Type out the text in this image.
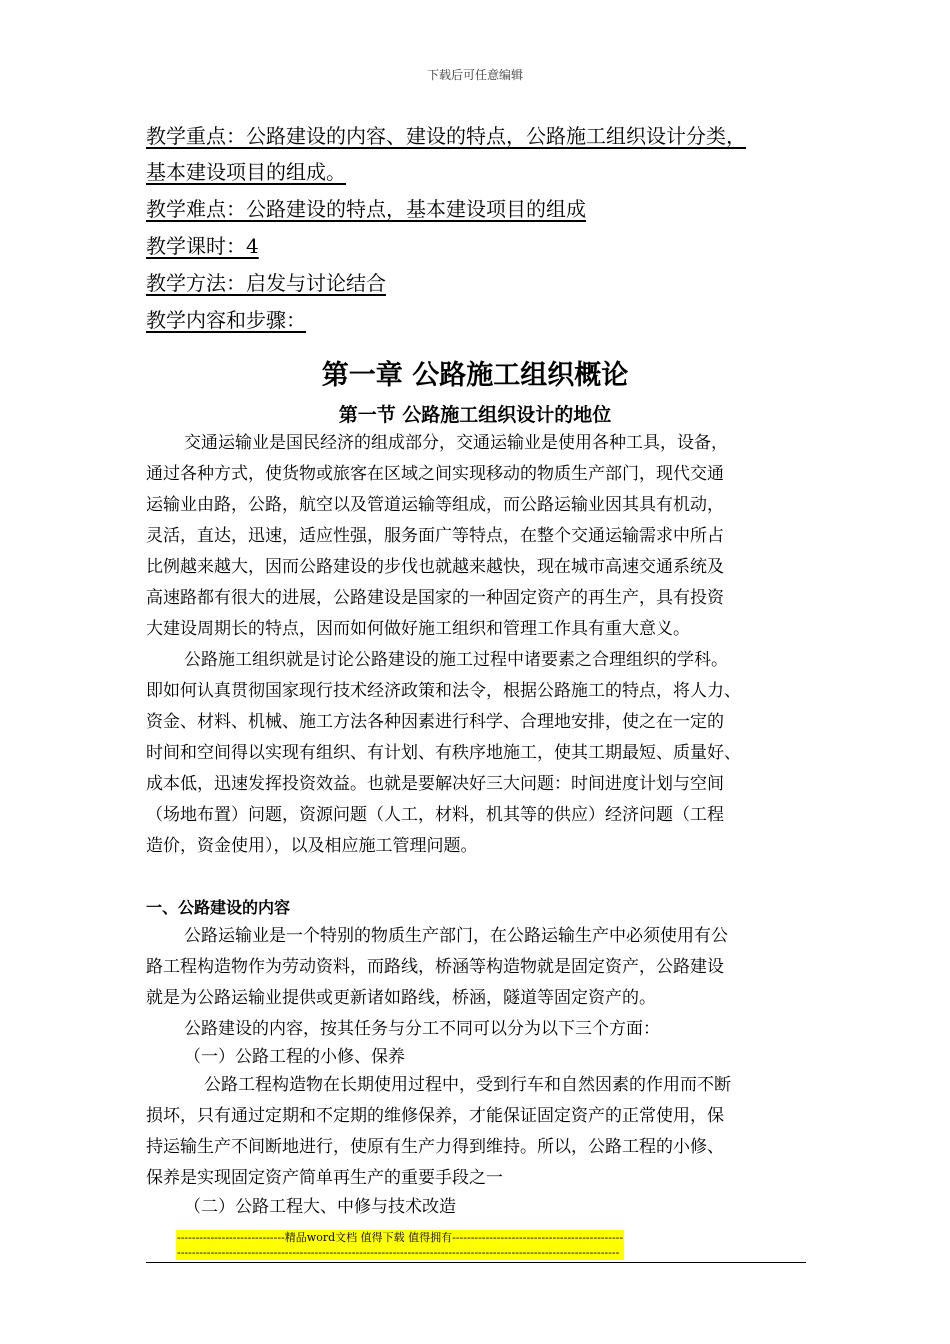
下载后可任意编辑
教学重点：公路建设的内容、建设的特点，公路施工组织设计分类，
基本建设项目的组成。
教学难点：公路建设的特点，基本建设项目的组成
教学课时：4
教学方法：启发与讨论结合
教学内容和步骤：
第一章 公路施工组织概论
第一节 公路施工组织设计的地位
交通运输业是国民经济的组成部分，交通运输业是使用各种工具，设备，
通过各种方式，使货物或旅客在区域之间实现移动的物质生产部门，现代交通
运输业由路，公路，航空以及管道运输等组成，而公路运输业因其具有机动，
灵活，直达，迅速，适应性强，服务面广等特点，在整个交通运输需求中所占
比例越来越大，因而公路建设的步伐也就越来越快，现在城市高速交通系统及
高速路都有很大的进展，公路建设是国家的一种固定资产的再生产，具有投资
大建设周期长的特点，因而如何做好施工组织和管理工作具有重大意义。
公路施工组织就是讨论公路建设的施工过程中诸要素之合理组织的学科。
即如何认真贯彻国家现行技术经济政策和法令，根据公路施工的特点，将人力、
资金、材料、机械、施工方法各种因素进行科学、合理地安排，使之在一定的
时间和空间得以实现有组织、有计划、有秩序地施工，使其工期最短、质量好、
成本低，迅速发挥投资效益。也就是要解决好三大问题：时间进度计划与空间
（场地布置）问题，资源问题（人工，材料，机其等的供应）经济问题（工程
造价，资金使用），以及相应施工管理问题。
一、公路建设的内容
公路运输业是一个特别的物质生产部门，在公路运输生产中必须使用有公
路工程构造物作为劳动资料，而路线，桥涵等构造物就是固定资产，公路建设
就是为公路运输业提供或更新诸如路线，桥涵，隧道等固定资产的。
公路建设的内容，按其任务与分工不同可以分为以下三个方面：
（一）公路工程的小修、保养
公路工程构造物在长期使用过程中，受到行车和自然因素的作用而不断
损坏，只有通过定期和不定期的维修保养，才能保证固定资产的正常使用，保
持运输生产不间断地进行，使原有生产力得到维持。所以，公路工程的小修、
保养是实现固定资产简单再生产的重要手段之一
（二）公路工程大、中修与技术改造
-----------------------------精品word文档 值得下载 值得拥有----------------------------------------------
-----------------------------------------------------------------------------------------------------------------------
